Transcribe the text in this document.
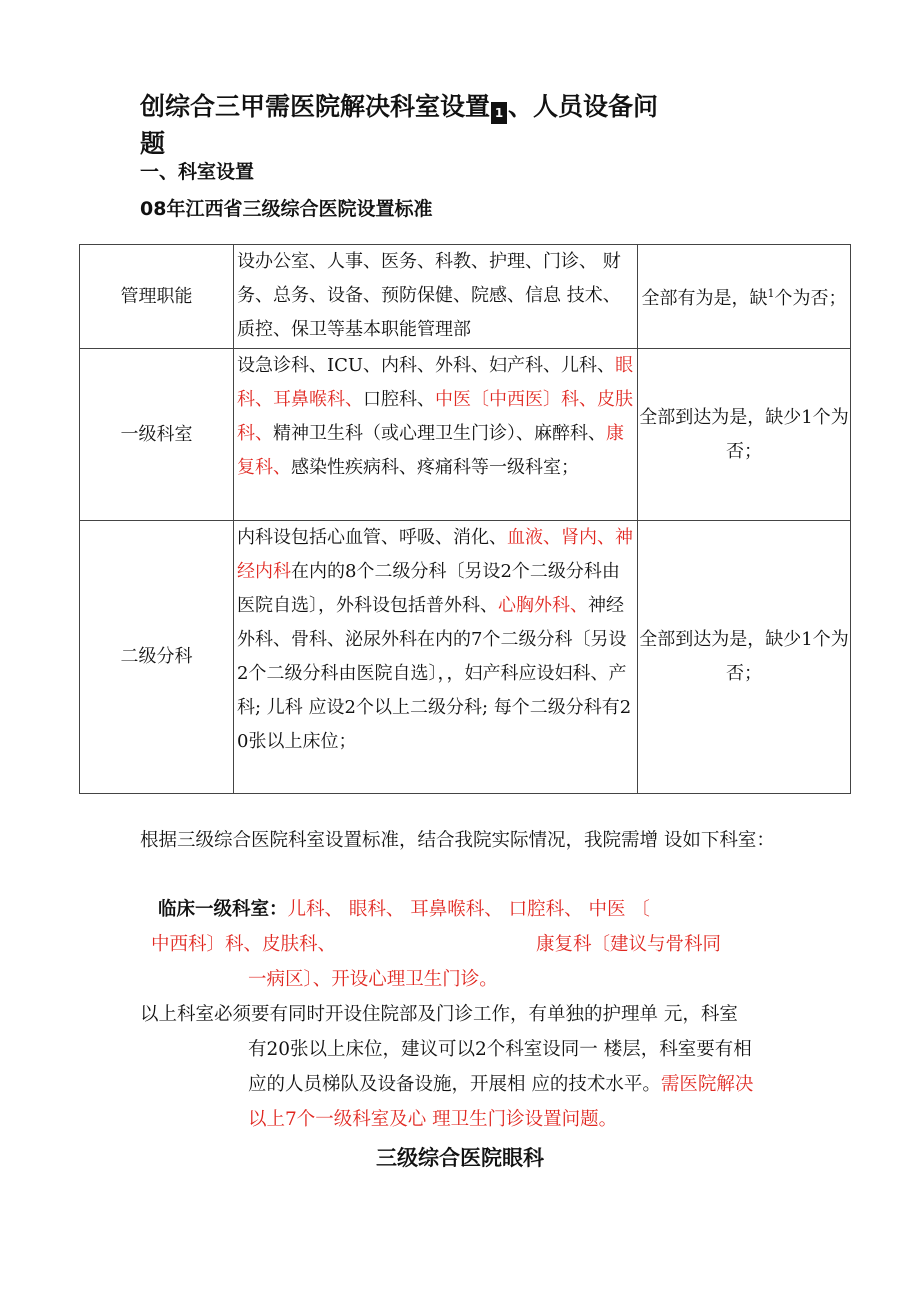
创综合三甲需医院解决科室设置 1 、人员设备问
题
一、科室设置
08年江西省三级综合医院设置标准
管理职能	设办公室、人事、医务、科教、护理、门诊、 财务、总务、设备、预防保健、院感、信息 技术、质控、保卫等基本职能管理部	全部有为是，缺$^1$个为否；
一级科室	设急诊科、ICU、内科、外科、妇产科、儿科、眼科、耳鼻喉科、口腔科、中医〔中西医〕科、皮肤科、精神卫生科（或心理卫生门诊）、麻醉科、康复科、感染性疾病科、疼痛科等一级科室；	全部到达为是，缺少1个为否；
二级分科	内科设包括心血管、呼吸、消化、血液、肾内、神经内科在内的8个二级分科〔另设2个二级分科由医院自选〕，外科设包括普外科、心胸外科、神经外科、骨科、泌尿外科在内的7个二级分科〔另设2个二级分科由医院自选〕，，妇产科应设妇科、产科; 儿科 应设2个以上二级分科; 每个二级分科有20张以上床位；	全部到达为是，缺少1个为否；
根据三级综合医院科室设置标准，结合我院实际情况，我院需增 设如下科室：
临床一级科室：儿科、 眼科、 耳鼻喉科、 口腔科、 中医 〔
中西科〕科、皮肤科、	康复科〔建议与骨科同
一病区〕、开设心理卫生门诊。
以上科室必须要有同时开设住院部及门诊工作，有单独的护理单 元，科室
有20张以上床位，建议可以2个科室设同一 楼层，科室要有相
应的人员梯队及设备设施，开展相 应的技术水平。需医院解决
以上7个一级科室及心 理卫生门诊设置问题。
三级综合医院眼科
